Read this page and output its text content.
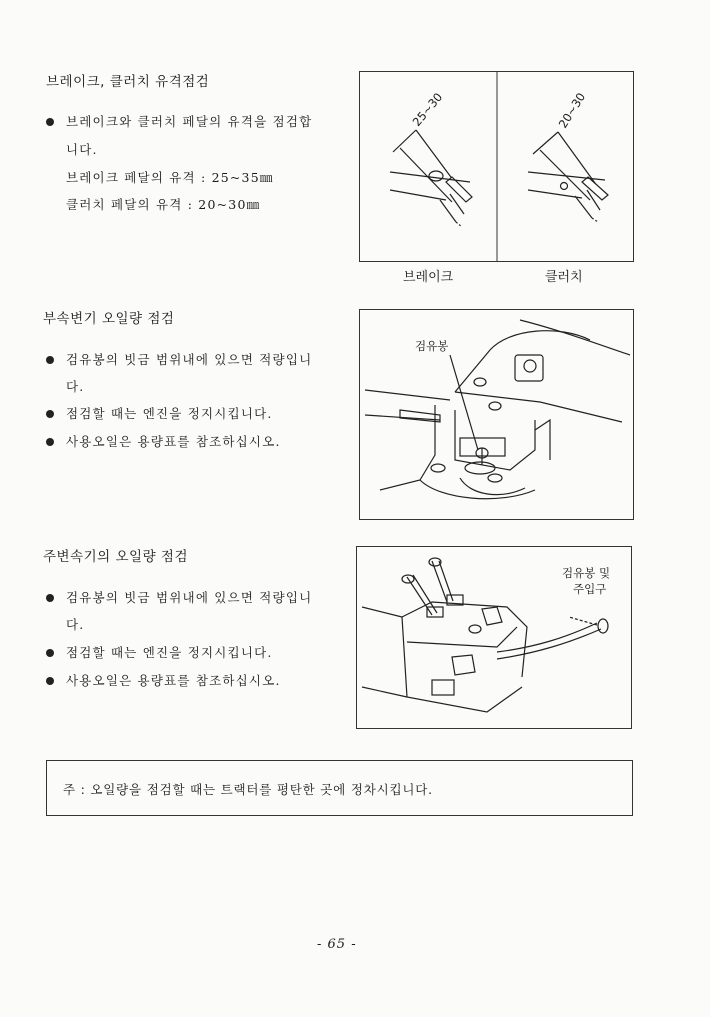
브레이크, 클러치 유격점검
브레이크와 클러치 페달의 유격을 점검합
니다.
브레이크 페달의 유격 : 25~35㎜
클러치 페달의 유격 : 20~30㎜
25~30	20~30
브레이크	클러치
부속변기 오일량 점검
검유봉의 빗금 범위내에 있으면 적량입니
다.
점검할 때는 엔진을 정지시킵니다.
사용오일은 용량표를 참조하십시오.
검유봉
주변속기의 오일량 점검
검유봉의 빗금 범위내에 있으면 적량입니
다.
점검할 때는 엔진을 정지시킵니다.
사용오일은 용량표를 참조하십시오.
검유봉 및
주입구
주 : 오일량을 점검할 때는 트랙터를 평탄한 곳에 정차시킵니다.
- 65 -
